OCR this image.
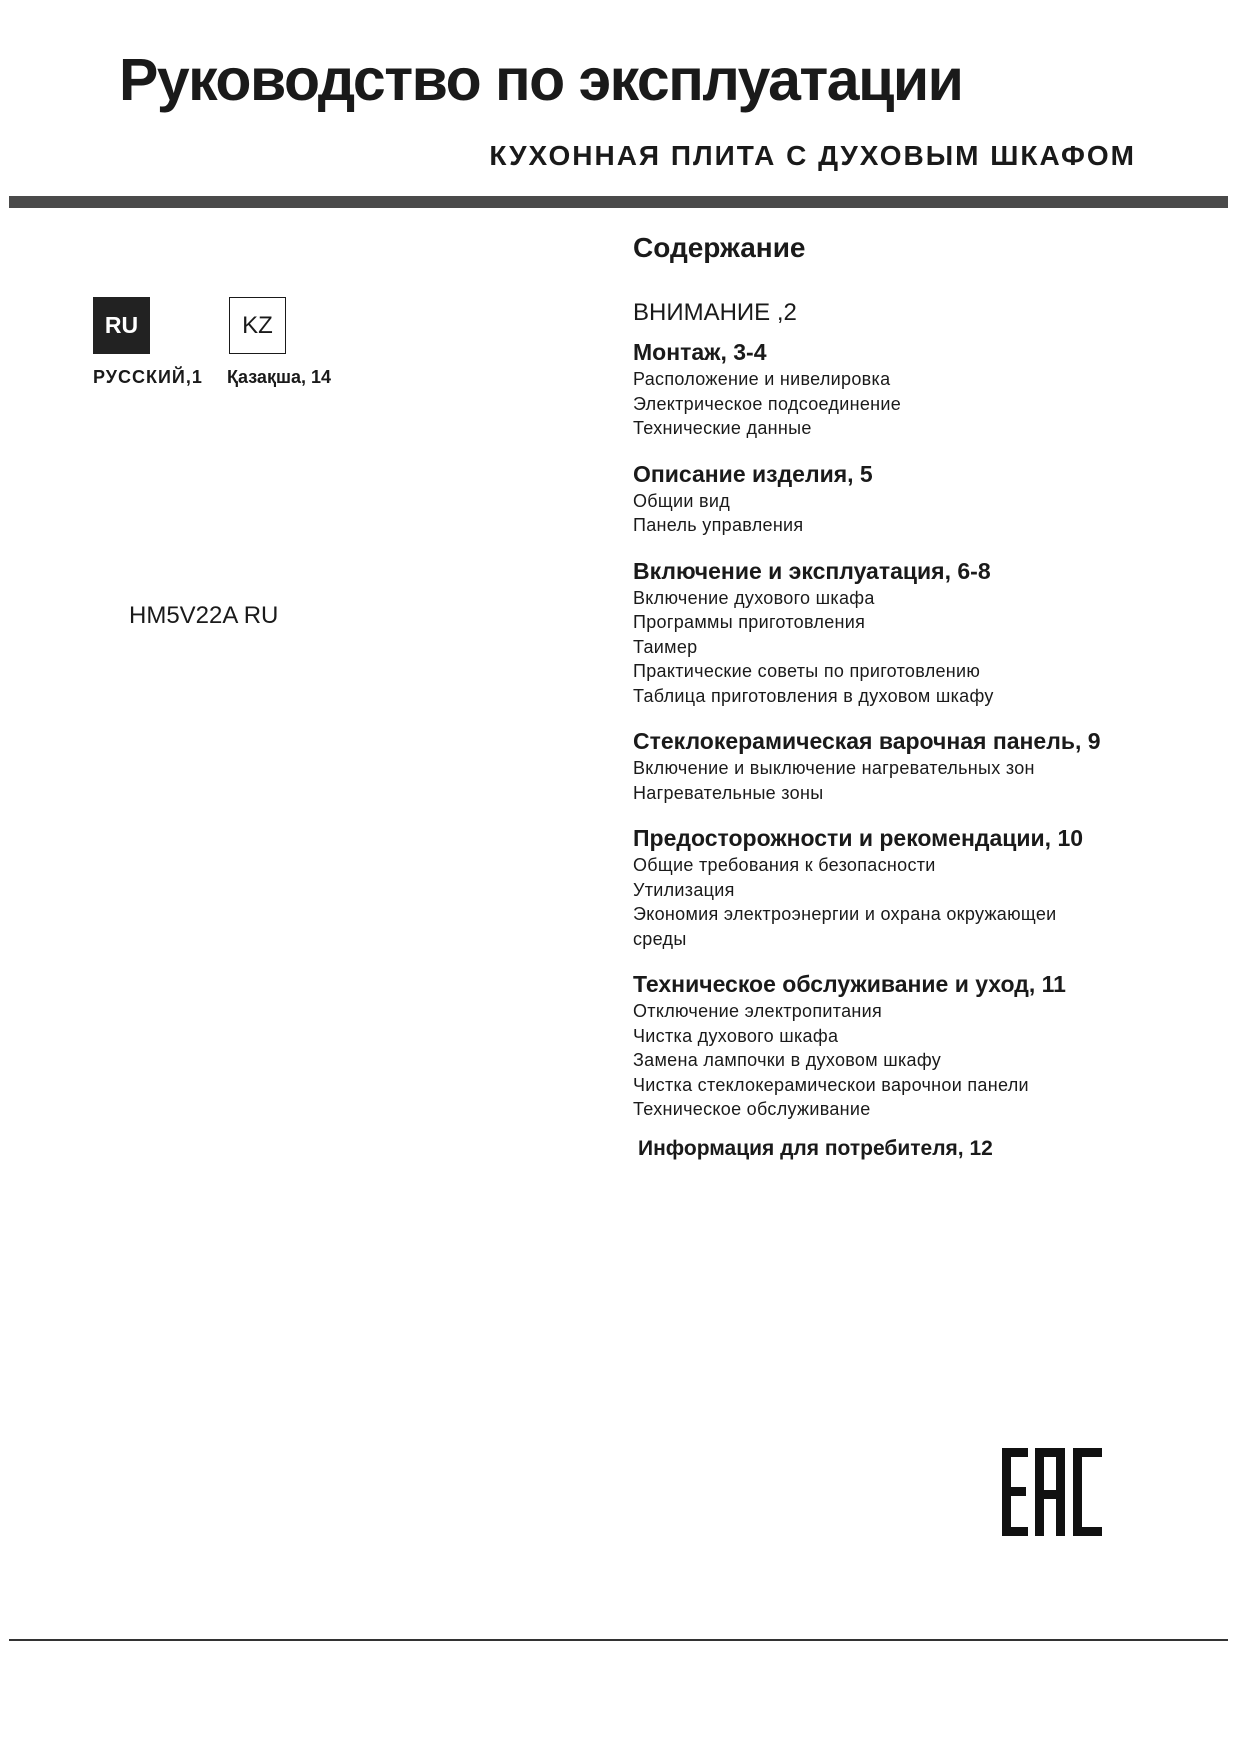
Руководство по эксплуатации
КУХОННАЯ ПЛИТА С ДУХОВЫМ ШКАФОМ
RU	KZ
РУССКИЙ,1 Қазақша, 14
HM5V22A RU
Содержание
ВНИМАНИЕ ,2
Монтаж, 3-4
Расположение и нивелировка
Электрическое подсоединение
Технические данные
Описание изделия, 5
Общии вид
Панель управления
Включение и эксплуатация, 6-8
Включение духового шкафа
Программы приготовления
Таимер
Практические советы по приготовлению
Таблица приготовления в духовом шкафу
Стеклокерамическая варочная панель, 9
Включение и выключение нагревательных зон
Нагревательные зоны
Предосторожности и рекомендации, 10
Общие требования к безопасности
Утилизация
Экономия электроэнергии и охрана окружающеи
среды
Техническое обслуживание и уход, 11
Отключение электропитания
Чистка духового шкафа
Замена лампочки в духовом шкафу
Чистка стеклокерамическои варочнои панели
Техническое обслуживание
Информация для потребителя, 12
